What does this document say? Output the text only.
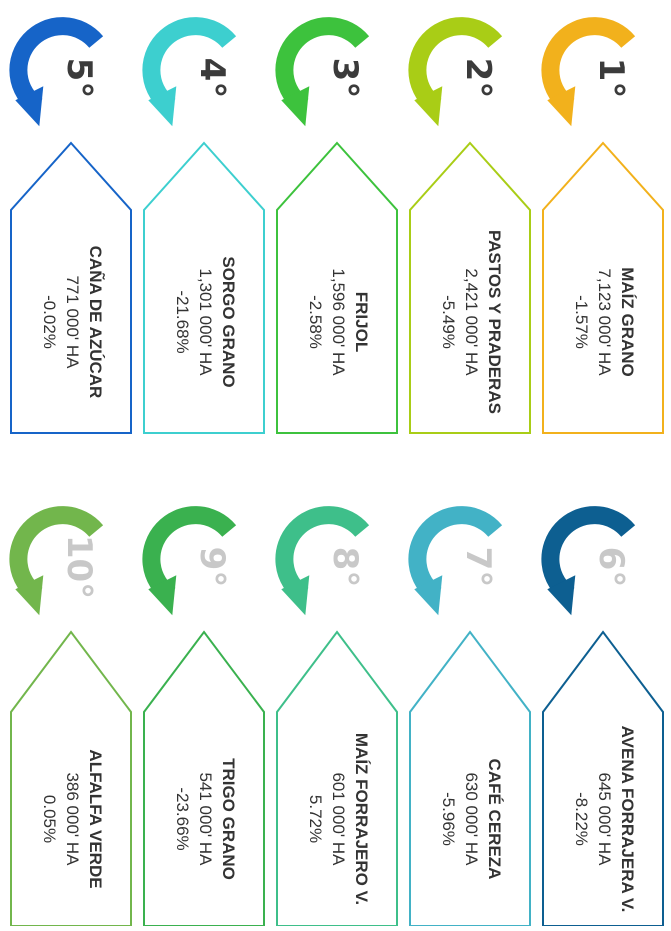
1°
MAÍZ GRANO
7,123 000' HA
-1.57%
2°
PASTOS Y PRADERAS
2,421 000' HA
-5.49%
3°
FRIJOL
1,596 000' HA
-2.58%
4°
SORGO GRANO
1,301 000' HA
-21.68%
5°
CAÑA DE AZÚCAR
771 000' HA
-0.02%
6°
AVENA FORRAJERA V.
645 000' HA
-8.22%
7°
CAFÉ CEREZA
630 000' HA
-5.96%
8°
MAÍZ FORRAJERO V.
601 000' HA
5.72%
9°
TRIGO GRANO
541 000' HA
-23.66%
10°
ALFALFA VERDE
386 000' HA
0.05%
